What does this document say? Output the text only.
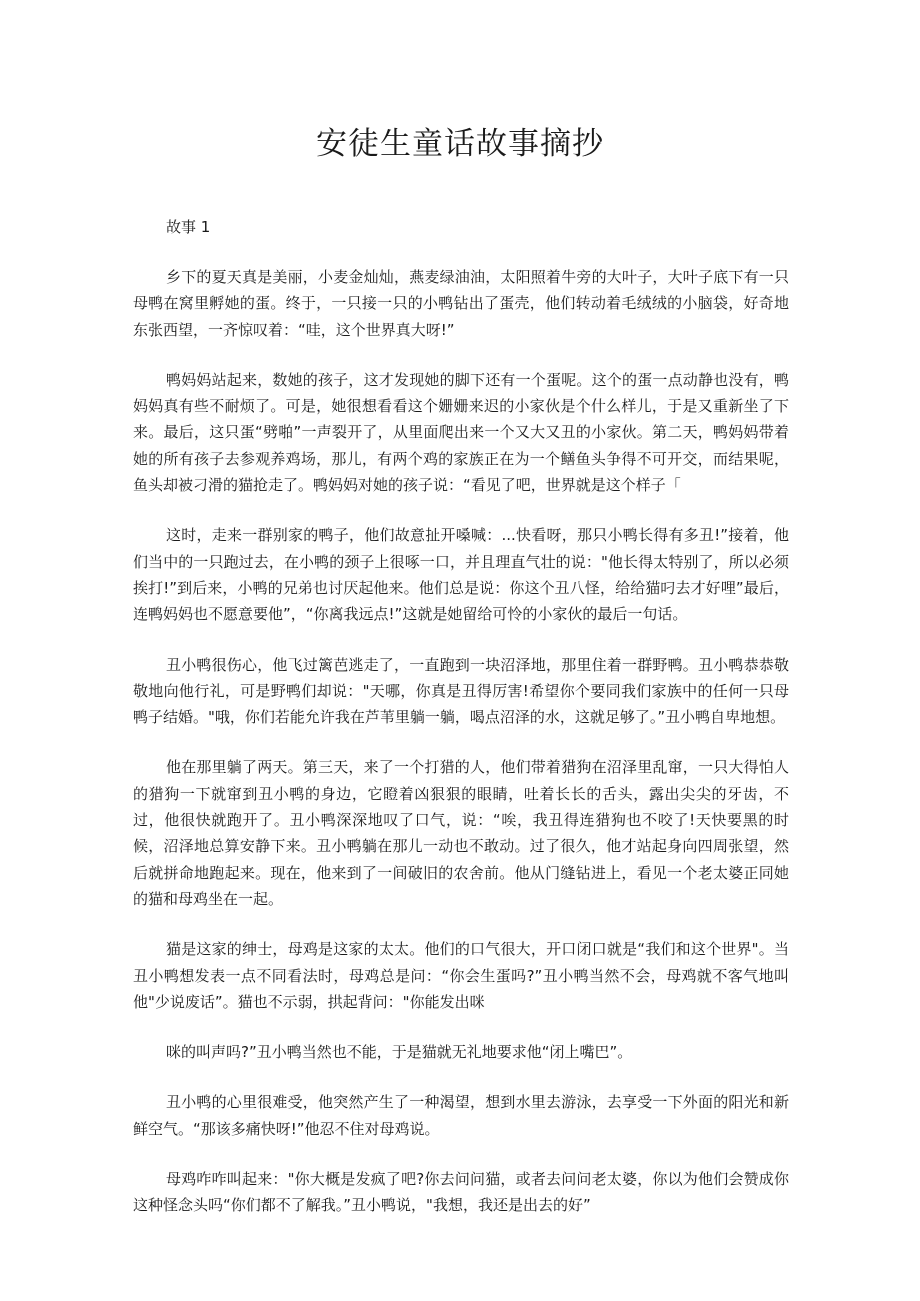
安徒生童话故事摘抄

故事 1

乡下的夏天真是美丽，小麦金灿灿，燕麦绿油油，太阳照着牛旁的大叶子，大叶子底下有一只母鸭在窝里孵她的蛋。终于，一只接一只的小鸭钻出了蛋壳，他们转动着毛绒绒的小脑袋，好奇地东张西望，一齐惊叹着：“哇，这个世界真大呀!”

鸭妈妈站起来，数她的孩子，这才发现她的脚下还有一个蛋呢。这个的蛋一点动静也没有，鸭妈妈真有些不耐烦了。可是，她很想看看这个姗姗来迟的小家伙是个什么样儿，于是又重新坐了下来。最后，这只蛋“劈啪”一声裂开了，从里面爬出来一个又大又丑的小家伙。第二天，鸭妈妈带着她的所有孩子去参观养鸡场，那儿，有两个鸡的家族正在为一个鳝鱼头争得不可开交，而结果呢，鱼头却被刁滑的猫抢走了。鸭妈妈对她的孩子说：“看见了吧，世界就是这个样子「

这时，走来一群别家的鸭子，他们故意扯开嗓喊：...快看呀，那只小鸭长得有多丑!”接着，他们当中的一只跑过去，在小鸭的颈子上很啄一口，并且理直气壮的说："他长得太特别了，所以必须挨打!”到后来，小鸭的兄弟也讨厌起他来。他们总是说：你这个丑八怪，给给猫叼去才好哩”最后，连鸭妈妈也不愿意要他”，“你离我远点!”这就是她留给可怜的小家伙的最后一句话。

丑小鸭很伤心，他飞过篱芭逃走了，一直跑到一块沼泽地，那里住着一群野鸭。丑小鸭恭恭敬敬地向他行礼，可是野鸭们却说："天哪，你真是丑得厉害!希望你个要同我们家族中的任何一只母鸭子结婚。"哦，你们若能允许我在芦苇里躺一躺，喝点沼泽的水，这就足够了。”丑小鸭自卑地想。

他在那里躺了两天。第三天，来了一个打猎的人，他们带着猎狗在沼泽里乱窜，一只大得怕人的猎狗一下就窜到丑小鸭的身边，它瞪着凶狠狠的眼睛，吐着长长的舌头，露出尖尖的牙齿，不过，他很快就跑开了。丑小鸭深深地叹了口气，说：“唉，我丑得连猎狗也不咬了!天快要黑的时候，沼泽地总算安静下来。丑小鸭躺在那儿一动也不敢动。过了很久，他才站起身向四周张望，然后就拼命地跑起来。现在，他来到了一间破旧的农舍前。他从门缝钻进上，看见一个老太婆正同她的猫和母鸡坐在一起。

猫是这家的绅士，母鸡是这家的太太。他们的口气很大，开口闭口就是“我们和这个世界"。当丑小鸭想发表一点不同看法时，母鸡总是问：“你会生蛋吗?”丑小鸭当然不会，母鸡就不客气地叫他"少说废话”。猫也不示弱，拱起背问："你能发出咪

咪的叫声吗?”丑小鸭当然也不能，于是猫就无礼地要求他“闭上嘴巴”。

丑小鸭的心里很难受，他突然产生了一种渴望，想到水里去游泳，去享受一下外面的阳光和新鲜空气。“那该多痛快呀!”他忍不住对母鸡说。

母鸡咋咋叫起来："你大概是发疯了吧?你去问问猫，或者去问问老太婆，你以为他们会赞成你这种怪念头吗“你们都不了解我。”丑小鸭说，"我想，我还是出去的好”
